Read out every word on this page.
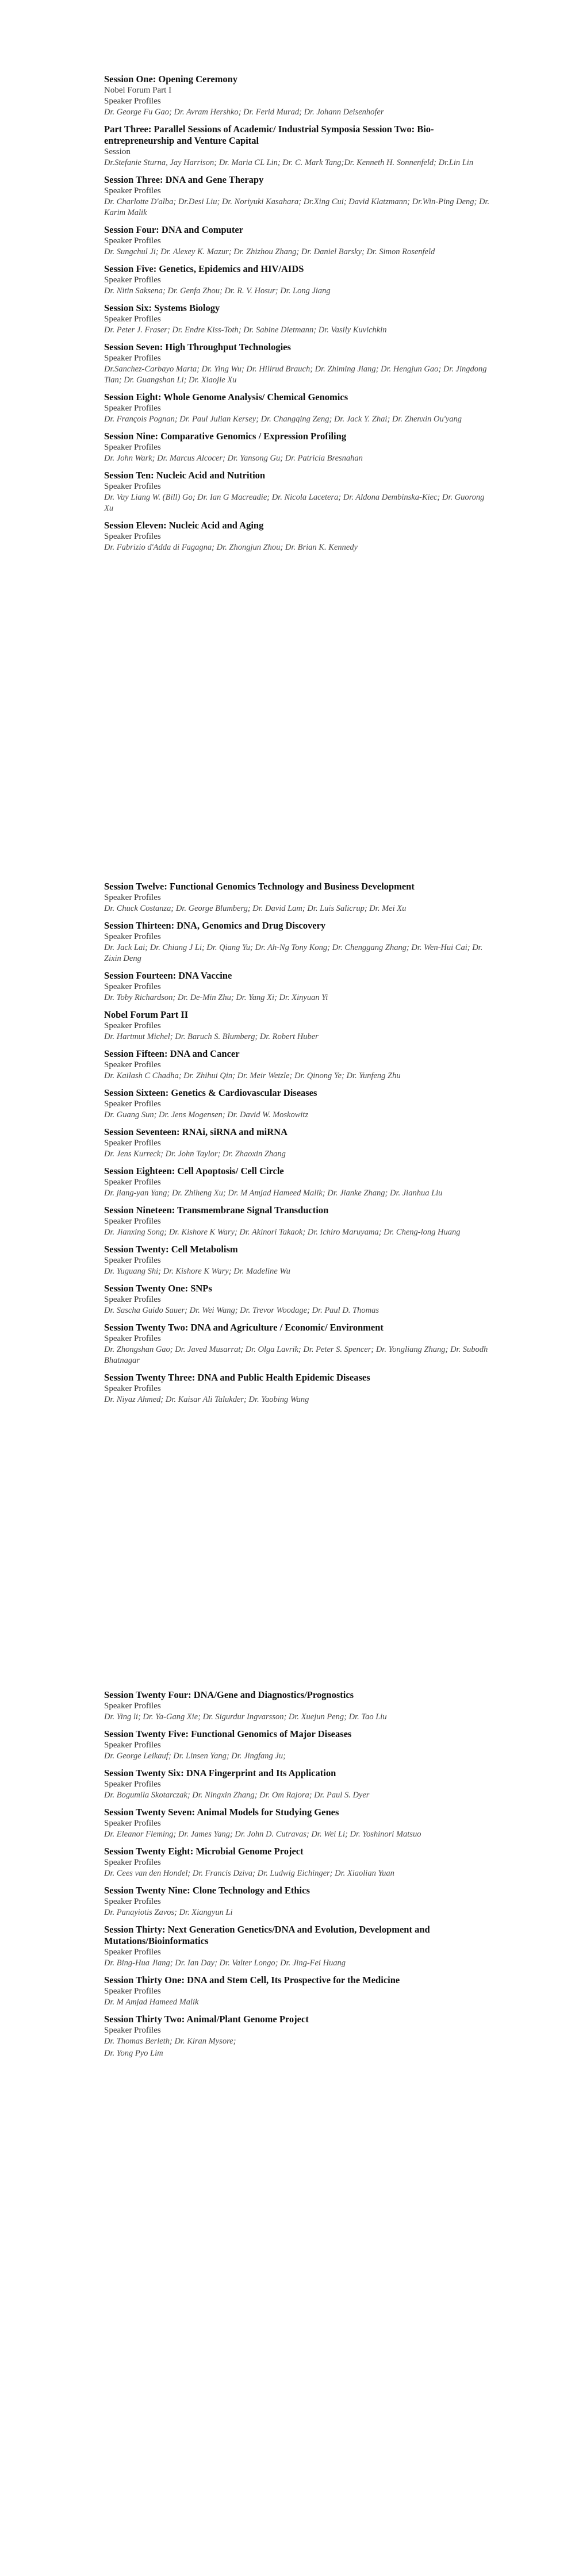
Session One: Opening Ceremony
Nobel Forum Part I
Speaker Profiles
Dr. George Fu Gao; Dr. Avram Hershko; Dr. Ferid Murad; Dr. Johann Deisenhofer
Part Three: Parallel Sessions of Academic/ Industrial Symposia Session Two: Bio-entrepreneurship and Venture Capital
Session
Dr.Stefanie Sturna, Jay Harrison; Dr. Maria CL Lin; Dr. C. Mark Tang;Dr. Kenneth H. Sonnenfeld; Dr.Lin Lin
Session Three: DNA and Gene Therapy
Speaker Profiles
Dr. Charlotte D'alba; Dr.Desi Liu; Dr. Noriyuki Kasahara; Dr.Xing Cui; David Klatzmann; Dr.Win-Ping Deng; Dr. Karim Malik
Session Four: DNA and Computer
Speaker Profiles
Dr. Sungchul Ji; Dr. Alexey K. Mazur; Dr. Zhizhou Zhang; Dr. Daniel Barsky; Dr. Simon Rosenfeld
Session Five: Genetics, Epidemics and HIV/AIDS
Speaker Profiles
Dr. Nitin Saksena; Dr. Genfa Zhou; Dr. R. V. Hosur; Dr. Long Jiang
Session Six: Systems Biology
Speaker Profiles
Dr. Peter J. Fraser; Dr. Endre Kiss-Toth; Dr. Sabine Dietmann; Dr. Vasily Kuvichkin
Session Seven: High Throughput Technologies
Speaker Profiles
Dr.Sanchez-Carbayo Marta; Dr. Ying Wu; Dr. Hilirud Brauch; Dr. Zhiming Jiang; Dr. Hengjun Gao; Dr. Jingdong Tian; Dr. Guangshan Li; Dr. Xiaojie Xu
Session Eight: Whole Genome Analysis/ Chemical Genomics
Speaker Profiles
Dr. François Pognan; Dr. Paul Julian Kersey; Dr. Changqing Zeng; Dr. Jack Y. Zhai; Dr. Zhenxin Ou'yang
Session Nine: Comparative Genomics / Expression Profiling
Speaker Profiles
Dr. John Wark; Dr. Marcus Alcocer; Dr. Yansong Gu; Dr. Patricia Bresnahan
Session Ten: Nucleic Acid and Nutrition
Speaker Profiles
Dr. Vay Liang W. (Bill) Go; Dr. Ian G Macreadie; Dr. Nicola Lacetera; Dr. Aldona Dembinska-Kiec; Dr. Guorong Xu
Session Eleven: Nucleic Acid and Aging
Speaker Profiles
Dr. Fabrizio d'Adda di Fagagna; Dr. Zhongjun Zhou; Dr. Brian K. Kennedy
Session Twelve: Functional Genomics Technology and Business Development
Speaker Profiles
Dr. Chuck Costanza; Dr. George Blumberg; Dr. David Lam; Dr. Luis Salicrup; Dr. Mei Xu
Session Thirteen: DNA, Genomics and Drug Discovery
Speaker Profiles
Dr. Jack Lai; Dr. Chiang J Li; Dr. Qiang Yu; Dr. Ah-Ng Tony Kong; Dr. Chenggang Zhang; Dr. Wen-Hui Cai; Dr. Zixin Deng
Session Fourteen: DNA Vaccine
Speaker Profiles
Dr. Toby Richardson; Dr. De-Min Zhu; Dr. Yang Xi; Dr. Xinyuan Yi
Nobel Forum Part II
Speaker Profiles
Dr. Hartmut Michel; Dr. Baruch S. Blumberg; Dr. Robert Huber
Session Fifteen: DNA and Cancer
Speaker Profiles
Dr. Kailash C Chadha; Dr. Zhihui Qin; Dr. Meir Wetzle; Dr. Qinong Ye; Dr. Yunfeng Zhu
Session Sixteen: Genetics & Cardiovascular Diseases
Speaker Profiles
Dr. Guang Sun; Dr. Jens Mogensen; Dr. David W. Moskowitz
Session Seventeen: RNAi, siRNA and miRNA
Speaker Profiles
Dr. Jens Kurreck; Dr. John Taylor; Dr. Zhaoxin Zhang
Session Eighteen: Cell Apoptosis/ Cell Circle
Speaker Profiles
Dr. jiang-yan Yang; Dr. Zhiheng Xu; Dr. M Amjad Hameed Malik; Dr. Jianke Zhang; Dr. Jianhua Liu
Session Nineteen: Transmembrane Signal Transduction
Speaker Profiles
Dr. Jianxing Song; Dr. Kishore K Wary; Dr. Akinori Takaok; Dr. Ichiro Maruyama; Dr. Cheng-long Huang
Session Twenty: Cell Metabolism
Speaker Profiles
Dr. Yuguang Shi; Dr. Kishore K Wary; Dr. Madeline Wu
Session Twenty One: SNPs
Speaker Profiles
Dr. Sascha Guido Sauer; Dr. Wei Wang; Dr. Trevor Woodage; Dr. Paul D. Thomas
Session Twenty Two: DNA and Agriculture / Economic/ Environment
Speaker Profiles
Dr. Zhongshan Gao; Dr. Javed Musarrat; Dr. Olga Lavrik; Dr. Peter S. Spencer; Dr. Yongliang Zhang; Dr. Subodh Bhatnagar
Session Twenty Three: DNA and Public Health Epidemic Diseases
Speaker Profiles
Dr. Niyaz Ahmed; Dr. Kaisar Ali Talukder; Dr. Yaobing Wang
Session Twenty Four: DNA/Gene and Diagnostics/Prognostics
Speaker Profiles
Dr. Ying li; Dr. Ya-Gang Xie; Dr. Sigurdur Ingvarsson; Dr. Xuejun Peng; Dr. Tao Liu
Session Twenty Five: Functional Genomics of Major Diseases
Speaker Profiles
Dr. George Leikauf; Dr. Linsen Yang; Dr. Jingfang Ju;
Session Twenty Six: DNA Fingerprint and Its Application
Speaker Profiles
Dr. Bogumila Skotarczak; Dr. Ningxin Zhang; Dr. Om Rajora; Dr. Paul S. Dyer
Session Twenty Seven: Animal Models for Studying Genes
Speaker Profiles
Dr. Eleanor Fleming; Dr. James Yang; Dr. John D. Cutravas; Dr. Wei Li; Dr. Yoshinori Matsuo
Session Twenty Eight: Microbial Genome Project
Speaker Profiles
Dr. Cees van den Hondel; Dr. Francis Dziva; Dr. Ludwig Eichinger; Dr. Xiaolian Yuan
Session Twenty Nine: Clone Technology and Ethics
Speaker Profiles
Dr. Panayiotis Zavos; Dr. Xiangyun Li
Session Thirty: Next Generation Genetics/DNA and Evolution, Development and Mutations/Bioinformatics
Speaker Profiles
Dr. Bing-Hua Jiang; Dr. Ian Day; Dr. Valter Longo; Dr. Jing-Fei Huang
Session Thirty One: DNA and Stem Cell, Its Prospective for the Medicine
Speaker Profiles
Dr. M Amjad Hameed Malik
Session Thirty Two: Animal/Plant Genome Project
Speaker Profiles
Dr. Thomas Berleth; Dr. Kiran Mysore;
Dr. Yong Pyo Lim
